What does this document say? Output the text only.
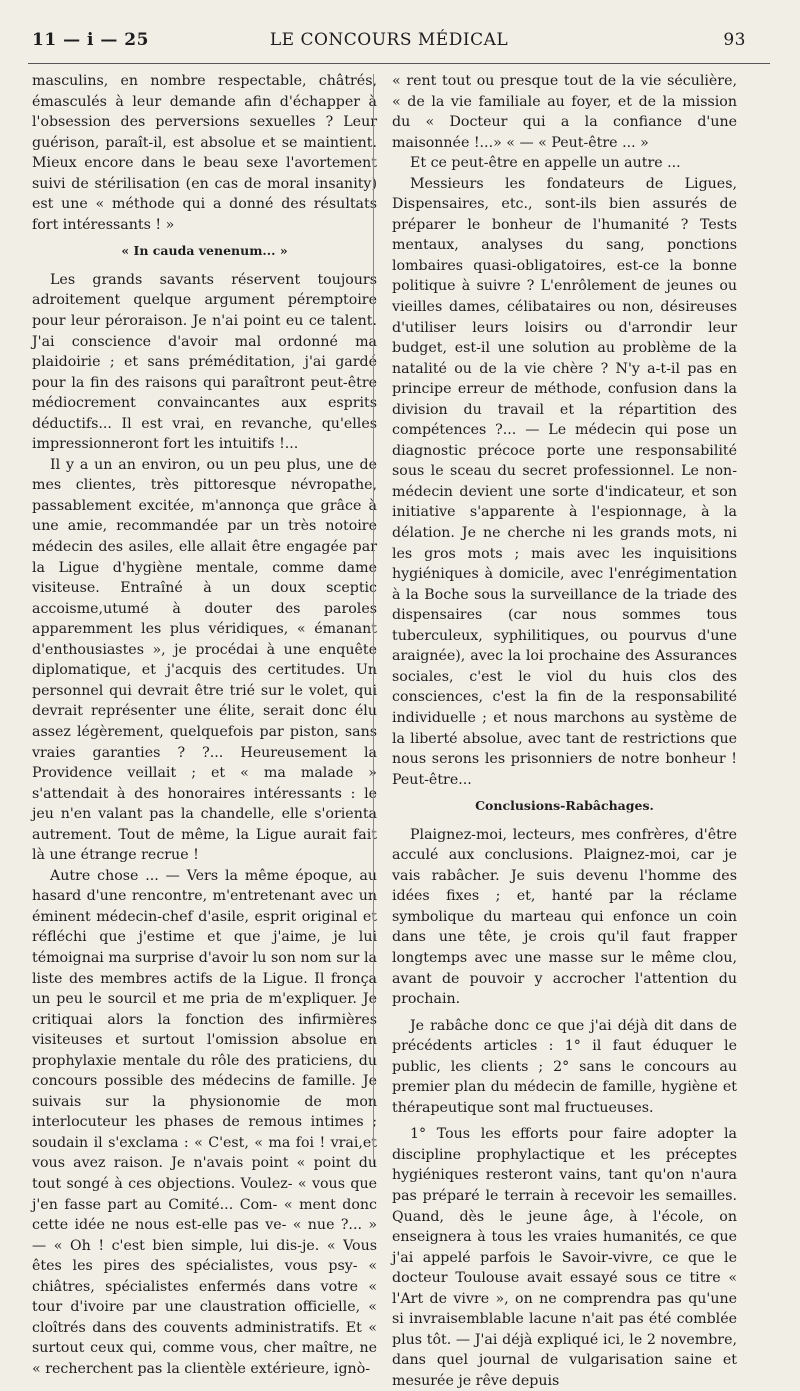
11 — i — 25	LE CONCOURS MÉDICAL	93

masculins, en nombre respectable, châtrés, émasculés à leur demande afin d'échapper à l'obsession des perversions sexuelles ? Leur guérison, paraît-il, est absolue et se maintient. Mieux encore dans le beau sexe l'avortement suivi de stérilisation (en cas de moral insanity) est une « méthode qui a donné des résultats fort intéressants ! »

« In cauda venenum... »

Les grands savants réservent toujours adroitement quelque argument péremptoire pour leur péroraison. Je n'ai point eu ce talent. J'ai conscience d'avoir mal ordonné ma plaidoirie ; et sans préméditation, j'ai gardé pour la fin des raisons qui paraîtront peut-être médiocrement convaincantes aux esprits déductifs... Il est vrai, en revanche, qu'elles impressionneront fort les intuitifs !...

Il y a un an environ, ou un peu plus, une de mes clientes, très pittoresque névropathe, passablement excitée, m'annonça que grâce à une amie, recommandée par un très notoire médecin des asiles, elle allait être engagée par la Ligue d'hygiène mentale, comme dame visiteuse. Entraîné à un doux sceptic accoisme,utumé à douter des paroles apparemment les plus véridiques, « émanant d'enthousiastes », je procédai à une enquête diplomatique, et j'acquis des certitudes. Un personnel qui devrait être trié sur le volet, qui devrait représenter une élite, serait donc élu assez légèrement, quelquefois par piston, sans vraies garanties ? ?... Heureusement la Providence veillait ; et « ma malade » s'attendait à des honoraires intéressants : le jeu n'en valant pas la chandelle, elle s'orienta autrement. Tout de même, la Ligue aurait fait là une étrange recrue !

Autre chose ... — Vers la même époque, au hasard d'une rencontre, m'entretenant avec un éminent médecin-chef d'asile, esprit original et réfléchi que j'estime et que j'aime, je lui témoignai ma surprise d'avoir lu son nom sur la liste des membres actifs de la Ligue. Il fronça un peu le sourcil et me pria de m'expliquer. Je critiquai alors la fonction des infirmières visiteuses et surtout l'omission absolue en prophylaxie mentale du rôle des praticiens, du concours possible des médecins de famille. Je suivais sur la physionomie de mon interlocuteur les phases de remous intimes ; soudain il s'exclama : « C'est, « ma foi ! vrai,et vous avez raison. Je n'avais point « point du tout songé à ces objections. Voulez- « vous que j'en fasse part au Comité... Com- « ment donc cette idée ne nous est-elle pas ve- « nue ?... » — « Oh ! c'est bien simple, lui dis-je. « Vous êtes les pires des spécialistes, vous psy- « chiâtres, spécialistes enfermés dans votre « tour d'ivoire par une claustration officielle, « cloîtrés dans des couvents administratifs. Et « surtout ceux qui, comme vous, cher maître, ne « recherchent pas la clientèle extérieure, ignò-

« rent tout ou presque tout de la vie séculière, « de la vie familiale au foyer, et de la mission du « Docteur qui a la confiance d'une maisonnée !...» « — « Peut-être ... »

Et ce peut-être en appelle un autre ...

Messieurs les fondateurs de Ligues, Dispensaires, etc., sont-ils bien assurés de préparer le bonheur de l'humanité ? Tests mentaux, analyses du sang, ponctions lombaires quasi-obligatoires, est-ce la bonne politique à suivre ? L'enrôlement de jeunes ou vieilles dames, célibataires ou non, désireuses d'utiliser leurs loisirs ou d'arrondir leur budget, est-il une solution au problème de la natalité ou de la vie chère ? N'y a-t-il pas en principe erreur de méthode, confusion dans la division du travail et la répartition des compétences ?... — Le médecin qui pose un diagnostic précoce porte une responsabilité sous le sceau du secret professionnel. Le non-médecin devient une sorte d'indicateur, et son initiative s'apparente à l'espionnage, à la délation. Je ne cherche ni les grands mots, ni les gros mots ; mais avec les inquisitions hygiéniques à domicile, avec l'enrégimentation à la Boche sous la surveillance de la triade des dispensaires (car nous sommes tous tuberculeux, syphilitiques, ou pourvus d'une araignée), avec la loi prochaine des Assurances sociales, c'est le viol du huis clos des consciences, c'est la fin de la responsabilité individuelle ; et nous marchons au système de la liberté absolue, avec tant de restrictions que nous serons les prisonniers de notre bonheur ! Peut-être...

Conclusions-Rabâchages.

Plaignez-moi, lecteurs, mes confrères, d'être acculé aux conclusions. Plaignez-moi, car je vais rabâcher. Je suis devenu l'homme des idées fixes ; et, hanté par la réclame symbolique du marteau qui enfonce un coin dans une tête, je crois qu'il faut frapper longtemps avec une masse sur le même clou, avant de pouvoir y accrocher l'attention du prochain.

Je rabâche donc ce que j'ai déjà dit dans de précédents articles : 1° il faut éduquer le public, les clients ; 2° sans le concours au premier plan du médecin de famille, hygiène et thérapeutique sont mal fructueuses.

1° Tous les efforts pour faire adopter la discipline prophylactique et les préceptes hygiéniques resteront vains, tant qu'on n'aura pas préparé le terrain à recevoir les semailles. Quand, dès le jeune âge, à l'école, on enseignera à tous les vraies humanités, ce que j'ai appelé parfois le Savoir-vivre, ce que le docteur Toulouse avait essayé sous ce titre « l'Art de vivre », on ne comprendra pas qu'une si invraisemblable lacune n'ait pas été comblée plus tôt. — J'ai déjà expliqué ici, le 2 novembre, dans quel journal de vulgarisation saine et mesurée je rêve depuis
